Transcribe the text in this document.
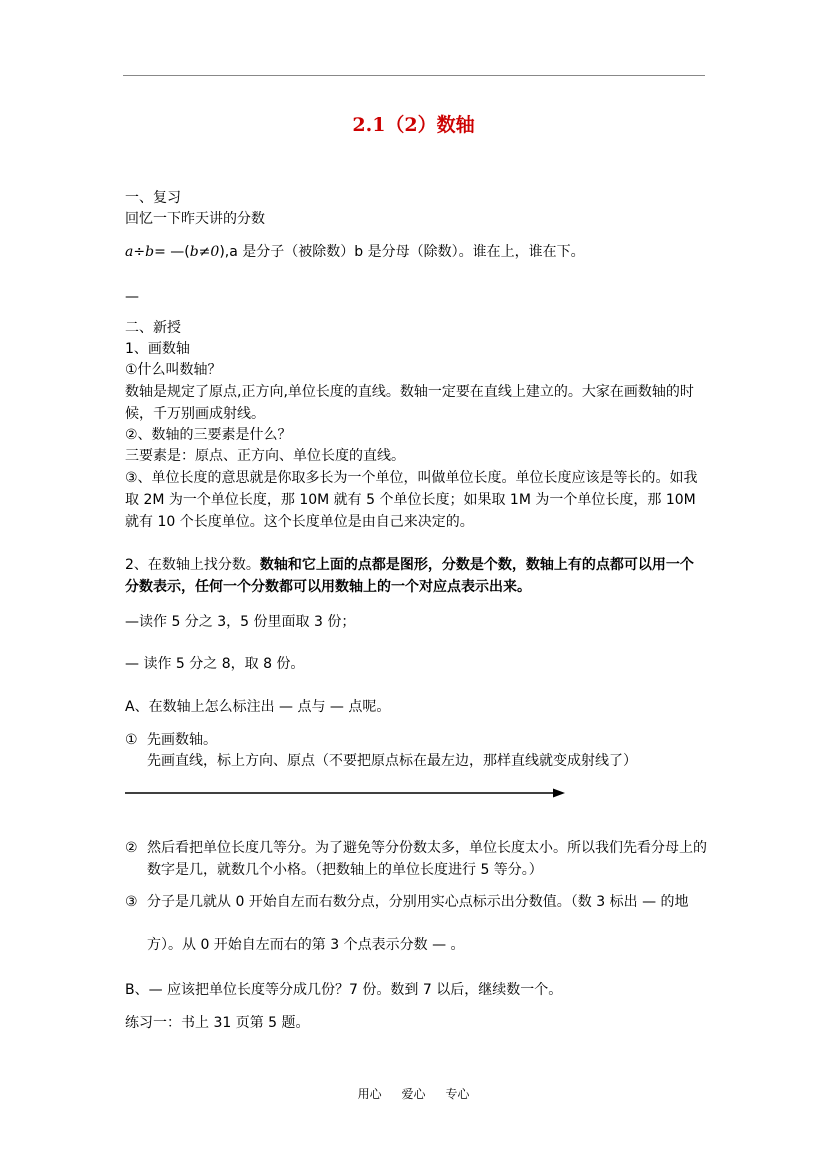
2.1（2）数轴
一、复习
回忆一下昨天讲的分数
a÷b= —(b≠0),a 是分子（被除数）b 是分母（除数）。谁在上，谁在下。
—
二、新授
1、画数轴
①什么叫数轴？
数轴是规定了原点,正方向,单位长度的直线。数轴一定要在直线上建立的。大家在画数轴的时候，千万别画成射线。
②、数轴的三要素是什么？
三要素是：原点、正方向、单位长度的直线。
③、单位长度的意思就是你取多长为一个单位，叫做单位长度。单位长度应该是等长的。如我取 2M 为一个单位长度，那 10M 就有 5 个单位长度；如果取 1M 为一个单位长度，那 10M 就有 10 个长度单位。这个长度单位是由自己来决定的。
2、在数轴上找分数。数轴和它上面的点都是图形，分数是个数，数轴上有的点都可以用一个分数表示，任何一个分数都可以用数轴上的一个对应点表示出来。
—读作 5 分之 3，5 份里面取 3 份；
— 读作 5 分之 8，取 8 份。
A、在数轴上怎么标注出 — 点与 — 点呢。
① 先画数轴。
先画直线，标上方向、原点（不要把原点标在最左边，那样直线就变成射线了）
② 然后看把单位长度几等分。为了避免等分份数太多，单位长度太小。所以我们先看分母上的数字是几，就数几个小格。（把数轴上的单位长度进行 5 等分。）
③ 分子是几就从 0 开始自左而右数分点，分别用实心点标示出分数值。（数 3 标出 — 的地
方）。从 0 开始自左而右的第 3 个点表示分数 — 。
B、— 应该把单位长度等分成几份？7 份。数到 7 以后，继续数一个。
练习一：书上 31 页第 5 题。
用心 爱心 专心
